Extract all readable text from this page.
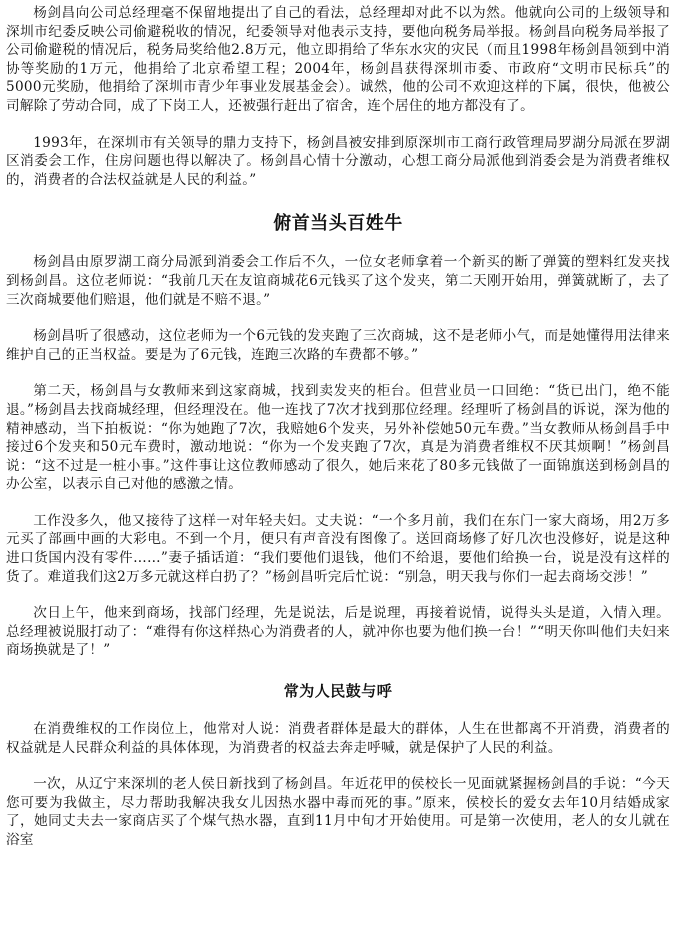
杨剑昌向公司总经理毫不保留地提出了自己的看法，总经理却对此不以为然。他就向公司的上级领导和深圳市纪委反映公司偷避税收的情况，纪委领导对他表示支持，要他向税务局举报。杨剑昌向税务局举报了公司偷避税的情况后，税务局奖给他2.8万元，他立即捐给了华东水灾的灾民（而且1998年杨剑昌领到中消协等奖励的1万元，他捐给了北京希望工程；2004年，杨剑昌获得深圳市委、市政府“文明市民标兵”的5000元奖励，他捐给了深圳市青少年事业发展基金会）。诚然，他的公司不欢迎这样的下属，很快，他被公司解除了劳动合同，成了下岗工人，还被强行赶出了宿舍，连个居住的地方都没有了。

1993年，在深圳市有关领导的鼎力支持下，杨剑昌被安排到原深圳市工商行政管理局罗湖分局派在罗湖区消委会工作，住房问题也得以解决了。杨剑昌心情十分激动，心想工商分局派他到消委会是为消费者维权的，消费者的合法权益就是人民的利益。”

俯首当头百姓牛

杨剑昌由原罗湖工商分局派到消委会工作后不久，一位女老师拿着一个新买的断了弹簧的塑料红发夹找到杨剑昌。这位老师说：“我前几天在友谊商城花6元钱买了这个发夹，第二天刚开始用，弹簧就断了，去了三次商城要他们赔退，他们就是不赔不退。”

杨剑昌听了很感动，这位老师为一个6元钱的发夹跑了三次商城，这不是老师小气，而是她懂得用法律来维护自己的正当权益。要是为了6元钱，连跑三次路的车费都不够。”

第二天，杨剑昌与女教师来到这家商城，找到卖发夹的柜台。但营业员一口回绝：“货已出门，绝不能退。”杨剑昌去找商城经理，但经理没在。他一连找了7次才找到那位经理。经理听了杨剑昌的诉说，深为他的精神感动，当下拍板说：“你为她跑了7次，我赔她6个发夹，另外补偿她50元车费。”当女教师从杨剑昌手中接过6个发夹和50元车费时，激动地说：“你为一个发夹跑了7次，真是为消费者维权不厌其烦啊！”杨剑昌说：“这不过是一桩小事。”这件事让这位教师感动了很久，她后来花了80多元钱做了一面锦旗送到杨剑昌的办公室，以表示自己对他的感激之情。

工作没多久，他又接待了这样一对年轻夫妇。丈夫说：“一个多月前，我们在东门一家大商场，用2万多元买了部画中画的大彩电。不到一个月，便只有声音没有图像了。送回商场修了好几次也没修好，说是这种进口货国内没有零件……”妻子插话道：“我们要他们退钱，他们不给退，要他们给换一台，说是没有这样的货了。难道我们这2万多元就这样白扔了？”杨剑昌听完后忙说：“别急，明天我与你们一起去商场交涉！”

次日上午，他来到商场，找部门经理，先是说法，后是说理，再接着说情，说得头头是道，入情入理。总经理被说服打动了：“难得有你这样热心为消费者的人，就冲你也要为他们换一台！”“明天你叫他们夫妇来商场换就是了！”

常为人民鼓与呼

在消费维权的工作岗位上，他常对人说：消费者群体是最大的群体，人生在世都离不开消费，消费者的权益就是人民群众利益的具体体现，为消费者的权益去奔走呼喊，就是保护了人民的利益。

一次，从辽宁来深圳的老人侯日新找到了杨剑昌。年近花甲的侯校长一见面就紧握杨剑昌的手说：“今天您可要为我做主，尽力帮助我解决我女儿因热水器中毒而死的事。”原来，侯校长的爱女去年10月结婚成家了，她同丈夫去一家商店买了个煤气热水器，直到11月中旬才开始使用。可是第一次使用，老人的女儿就在浴室
